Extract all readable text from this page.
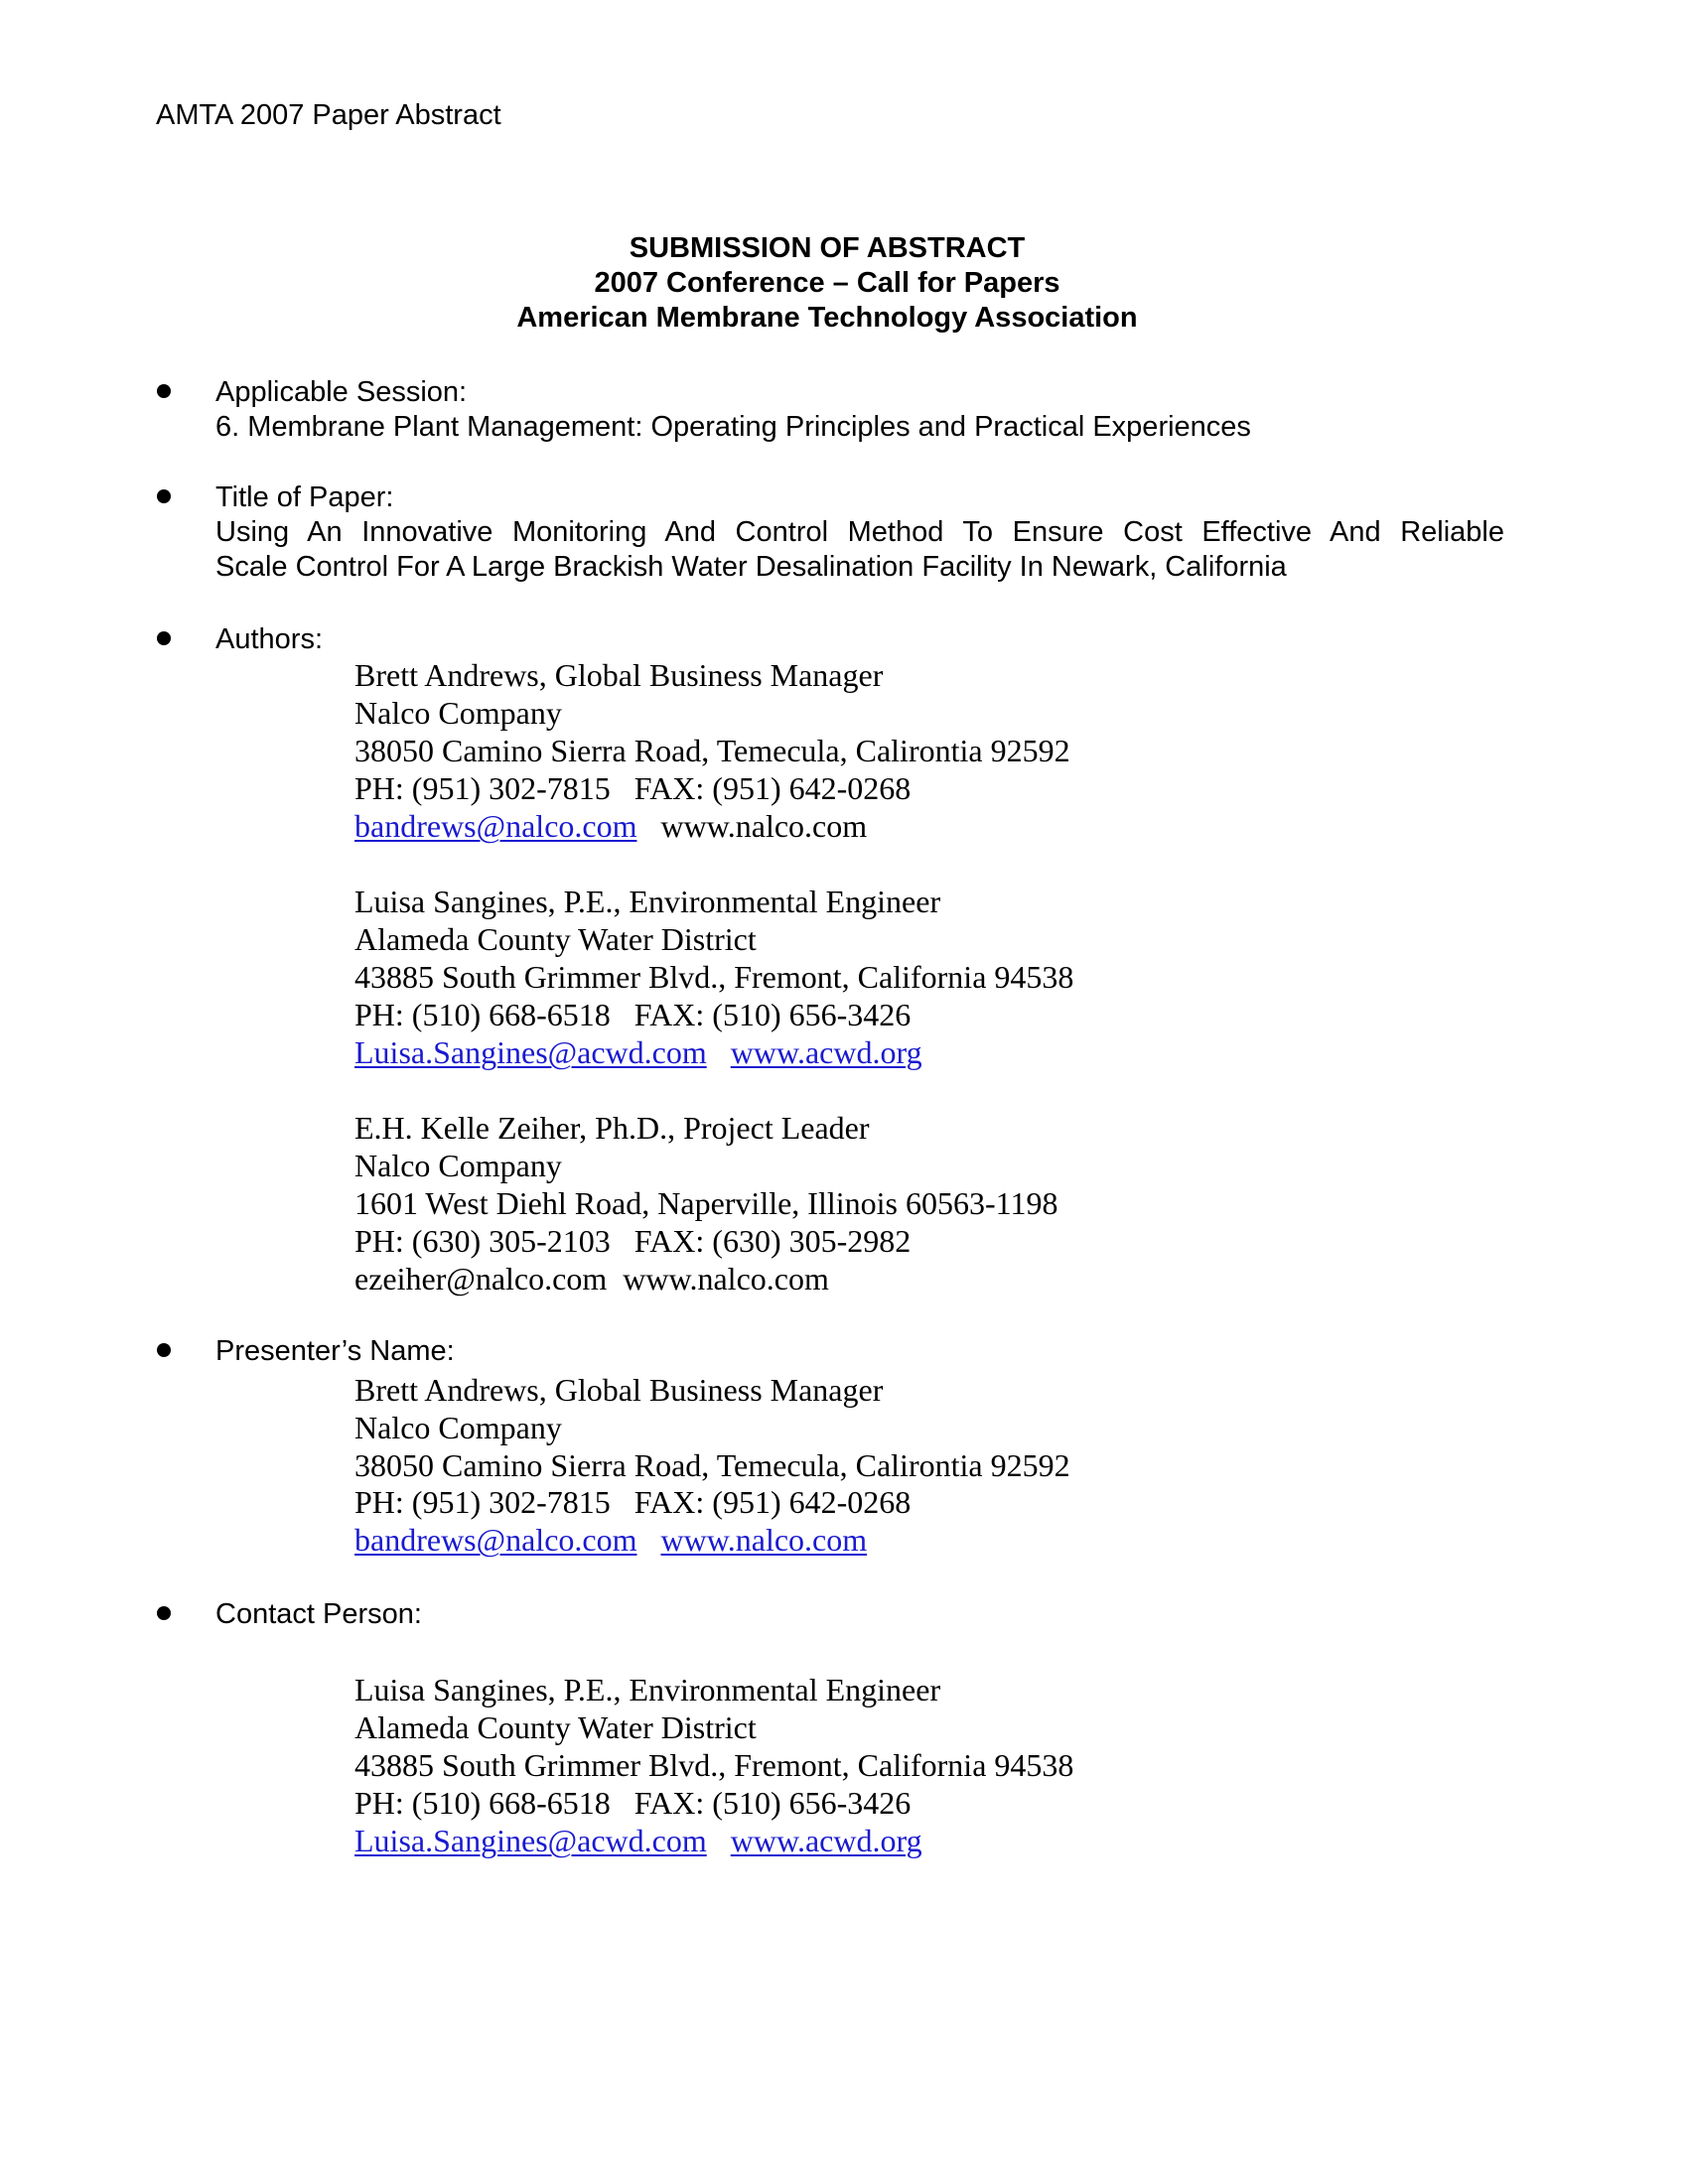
AMTA 2007 Paper Abstract
SUBMISSION OF ABSTRACT
2007 Conference – Call for Papers
American Membrane Technology Association
Applicable Session:
6. Membrane Plant Management: Operating Principles and Practical Experiences
Title of Paper:
Using An Innovative Monitoring And Control Method To Ensure Cost Effective And Reliable
Scale Control For A Large Brackish Water Desalination Facility In Newark, California
Authors:
Brett Andrews, Global Business Manager
Nalco Company
38050 Camino Sierra Road, Temecula, Calirontia 92592
PH: (951) 302-7815   FAX: (951) 642-0268
bandrews@nalco.com www.nalco.com
Luisa Sangines, P.E., Environmental Engineer
Alameda County Water District
43885 South Grimmer Blvd., Fremont, California 94538
PH: (510) 668-6518   FAX: (510) 656-3426
Luisa.Sangines@acwd.com www.acwd.org
E.H. Kelle Zeiher, Ph.D., Project Leader
Nalco Company
1601 West Diehl Road, Naperville, Illinois 60563-1198
PH: (630) 305-2103   FAX: (630) 305-2982
ezeiher@nalco.com www.nalco.com
Presenter’s Name:
Brett Andrews, Global Business Manager
Nalco Company
38050 Camino Sierra Road, Temecula, Calirontia 92592
PH: (951) 302-7815   FAX: (951) 642-0268
bandrews@nalco.com www.nalco.com
Contact Person:
Luisa Sangines, P.E., Environmental Engineer
Alameda County Water District
43885 South Grimmer Blvd., Fremont, California 94538
PH: (510) 668-6518   FAX: (510) 656-3426
Luisa.Sangines@acwd.com www.acwd.org
